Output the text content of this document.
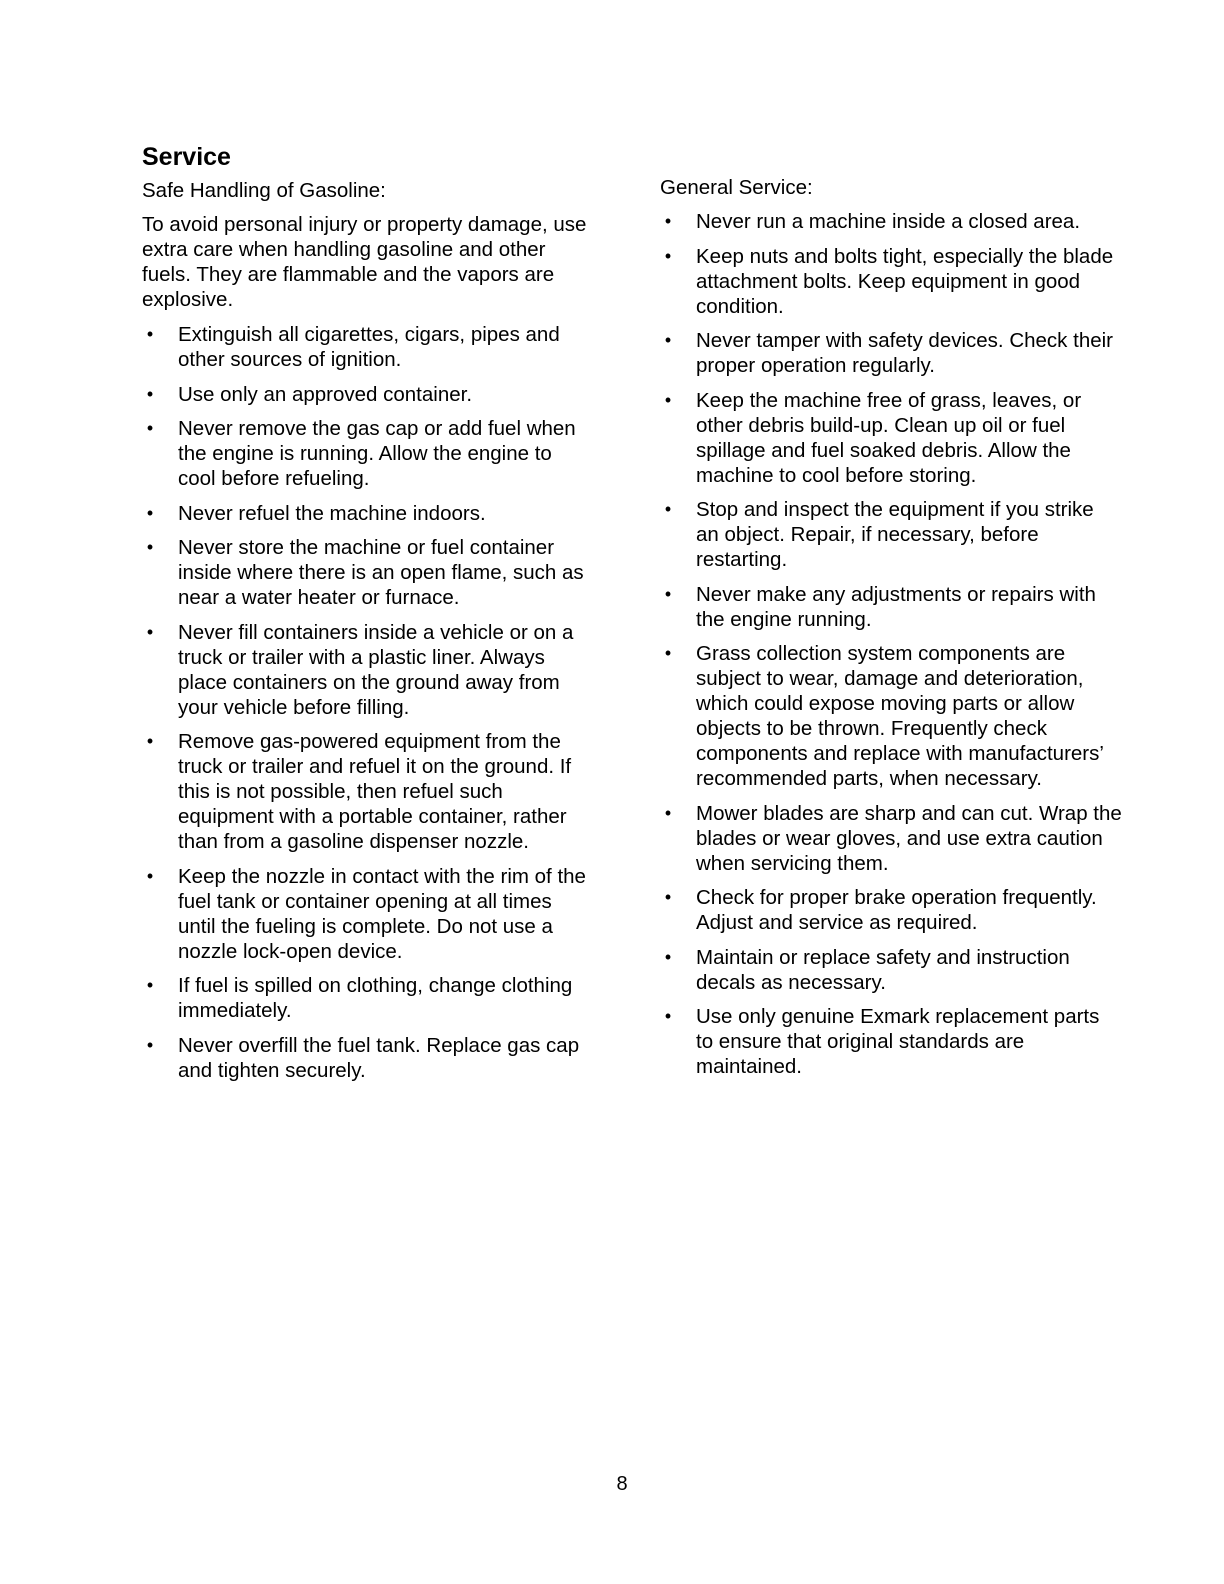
Service

Safe Handling of Gasoline:

To avoid personal injury or property damage, use extra care when handling gasoline and other fuels. They are flammable and the vapors are explosive.

• Extinguish all cigarettes, cigars, pipes and other sources of ignition.
• Use only an approved container.
• Never remove the gas cap or add fuel when the engine is running. Allow the engine to cool before refueling.
• Never refuel the machine indoors.
• Never store the machine or fuel container inside where there is an open flame, such as near a water heater or furnace.
• Never fill containers inside a vehicle or on a truck or trailer with a plastic liner. Always place containers on the ground away from your vehicle before filling.
• Remove gas-powered equipment from the truck or trailer and refuel it on the ground. If this is not possible, then refuel such equipment with a portable container, rather than from a gasoline dispenser nozzle.
• Keep the nozzle in contact with the rim of the fuel tank or container opening at all times until the fueling is complete. Do not use a nozzle lock-open device.
• If fuel is spilled on clothing, change clothing immediately.
• Never overfill the fuel tank. Replace gas cap and tighten securely.

General Service:

• Never run a machine inside a closed area.
• Keep nuts and bolts tight, especially the blade attachment bolts. Keep equipment in good condition.
• Never tamper with safety devices. Check their proper operation regularly.
• Keep the machine free of grass, leaves, or other debris build-up. Clean up oil or fuel spillage and fuel soaked debris. Allow the machine to cool before storing.
• Stop and inspect the equipment if you strike an object. Repair, if necessary, before restarting.
• Never make any adjustments or repairs with the engine running.
• Grass collection system components are subject to wear, damage and deterioration, which could expose moving parts or allow objects to be thrown. Frequently check components and replace with manufacturers’ recommended parts, when necessary.
• Mower blades are sharp and can cut. Wrap the blades or wear gloves, and use extra caution when servicing them.
• Check for proper brake operation frequently. Adjust and service as required.
• Maintain or replace safety and instruction decals as necessary.
• Use only genuine Exmark replacement parts to ensure that original standards are maintained.
8
